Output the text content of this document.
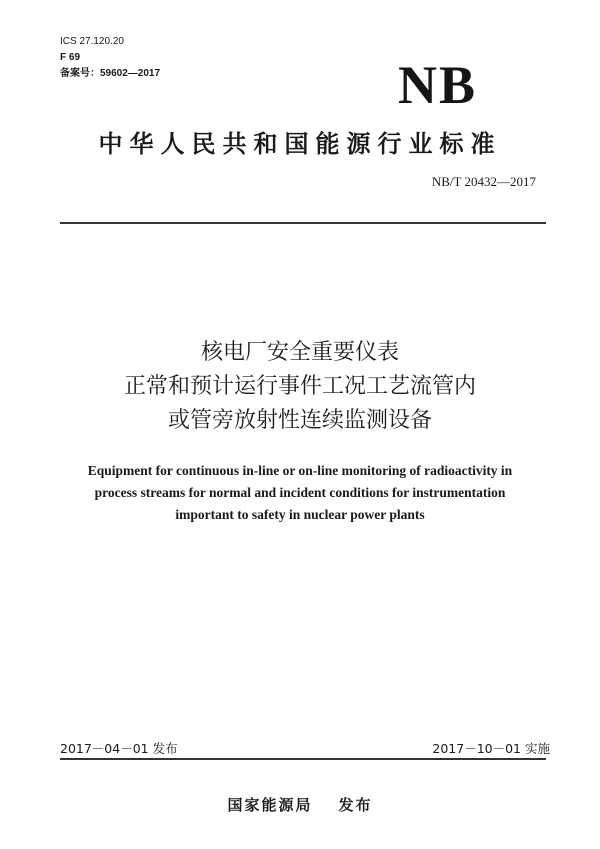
ICS 27.120.20
F 69
备案号：59602—2017	NB
中华人民共和国能源行业标准
NB/T 20432—2017
核电厂安全重要仪表
正常和预计运行事件工况工艺流管内
或管旁放射性连续监测设备
Equipment for continuous in-line or on-line monitoring of radioactivity in
process streams for normal and incident conditions for instrumentation
important to safety in nuclear power plants
2017－04－01 发布	2017－10－01 实施
国家能源局 发布
